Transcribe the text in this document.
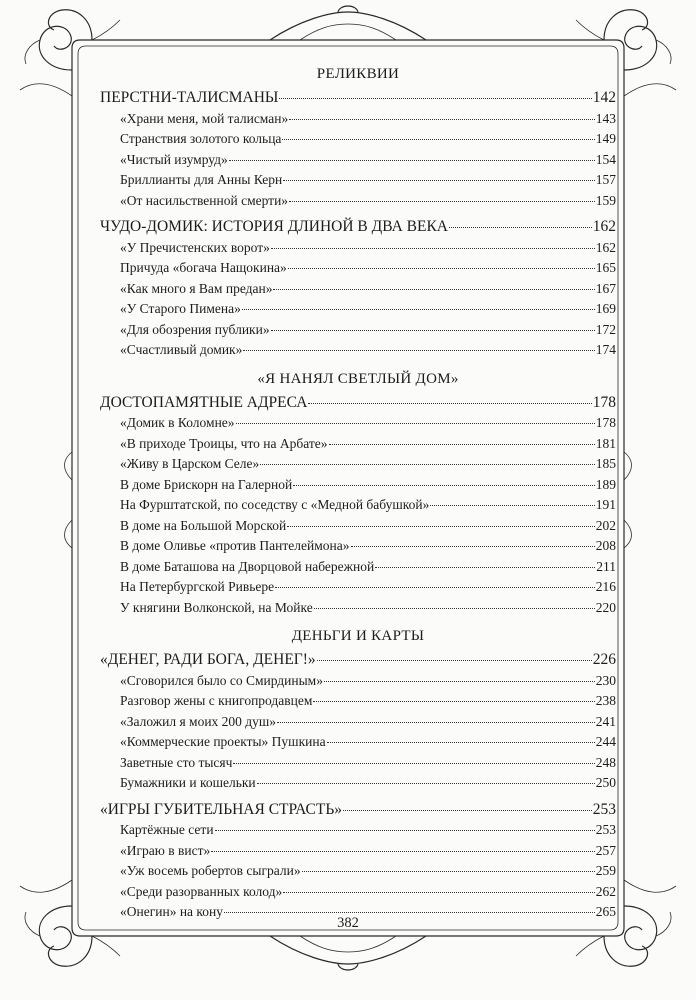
РЕЛИКВИИ
ПЕРСТНИ-ТАЛИСМАНЫ	142
«Храни меня, мой талисман»	143
Странствия золотого кольца	149
«Чистый изумруд»	154
Бриллианты для Анны Керн	157
«От насильственной смерти»	159
ЧУДО-ДОМИК: ИСТОРИЯ ДЛИНОЙ В ДВА ВЕКА	162
«У Пречистенских ворот»	162
Причуда «богача Нащокина»	165
«Как много я Вам предан»	167
«У Старого Пимена»	169
«Для обозрения публики»	172
«Счастливый домик»	174
«Я НАНЯЛ СВЕТЛЫЙ ДОМ»
ДОСТОПАМЯТНЫЕ АДРЕСА	178
«Домик в Коломне»	178
«В приходе Троицы, что на Арбате»	181
«Живу в Царском Селе»	185
В доме Брискорн на Галерной	189
На Фурштатской, по соседству с «Медной бабушкой»	191
В доме на Большой Морской	202
В доме Оливье «против Пантелеймона»	208
В доме Баташова на Дворцовой набережной	211
На Петербургской Ривьере	216
У княгини Волконской, на Мойке	220
ДЕНЬГИ И КАРТЫ
«ДЕНЕГ, РАДИ БОГА, ДЕНЕГ!»	226
«Сговорился было со Смирдиным»	230
Разговор жены с книгопродавцем	238
«Заложил я моих 200 душ»	241
«Коммерческие проекты» Пушкина	244
Заветные сто тысяч	248
Бумажники и кошельки	250
«ИГРЫ ГУБИТЕЛЬНАЯ СТРАСТЬ»	253
Картёжные сети	253
«Играю в вист»	257
«Уж восемь робертов сыграли»	259
«Среди разорванных колод»	262
«Онегин» на кону	265
382
